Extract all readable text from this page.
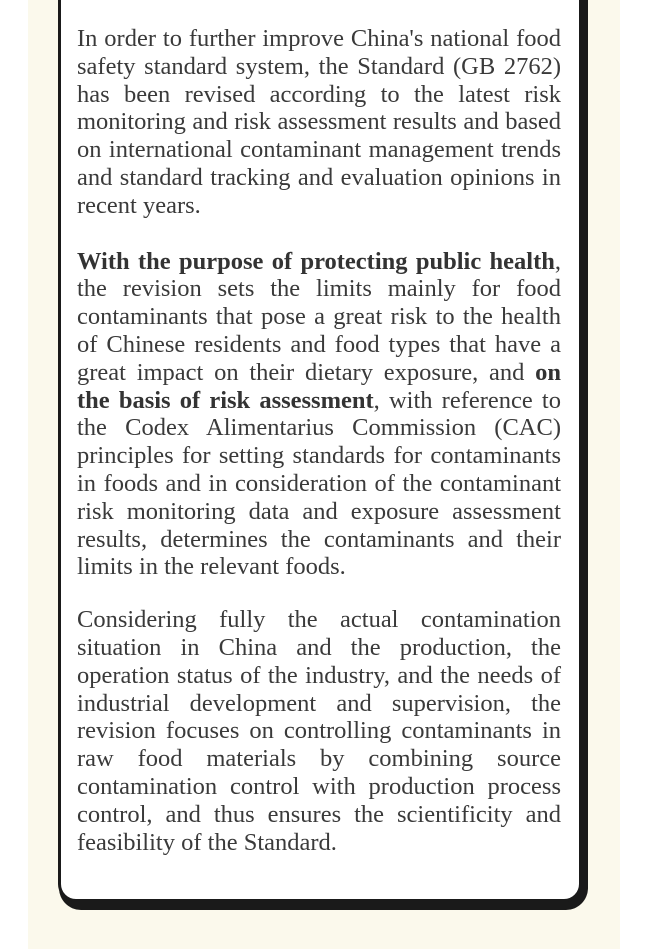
In order to further improve China's national food safety standard system, the Standard (GB 2762) has been revised according to the latest risk monitoring and risk assessment results and based on international contaminant management trends and standard tracking and evaluation opinions in recent years.

With the purpose of protecting public health, the revision sets the limits mainly for food contaminants that pose a great risk to the health of Chinese residents and food types that have a great impact on their dietary exposure, and on the basis of risk assessment, with reference to the Codex Alimentarius Commission (CAC) principles for setting standards for contaminants in foods and in consideration of the contaminant risk monitoring data and exposure assessment results, determines the contaminants and their limits in the relevant foods.

Considering fully the actual contamination situation in China and the production, the operation status of the industry, and the needs of industrial development and supervision, the revision focuses on controlling contaminants in raw food materials by combining source contamination control with production process control, and thus ensures the scientificity and feasibility of the Standard.
